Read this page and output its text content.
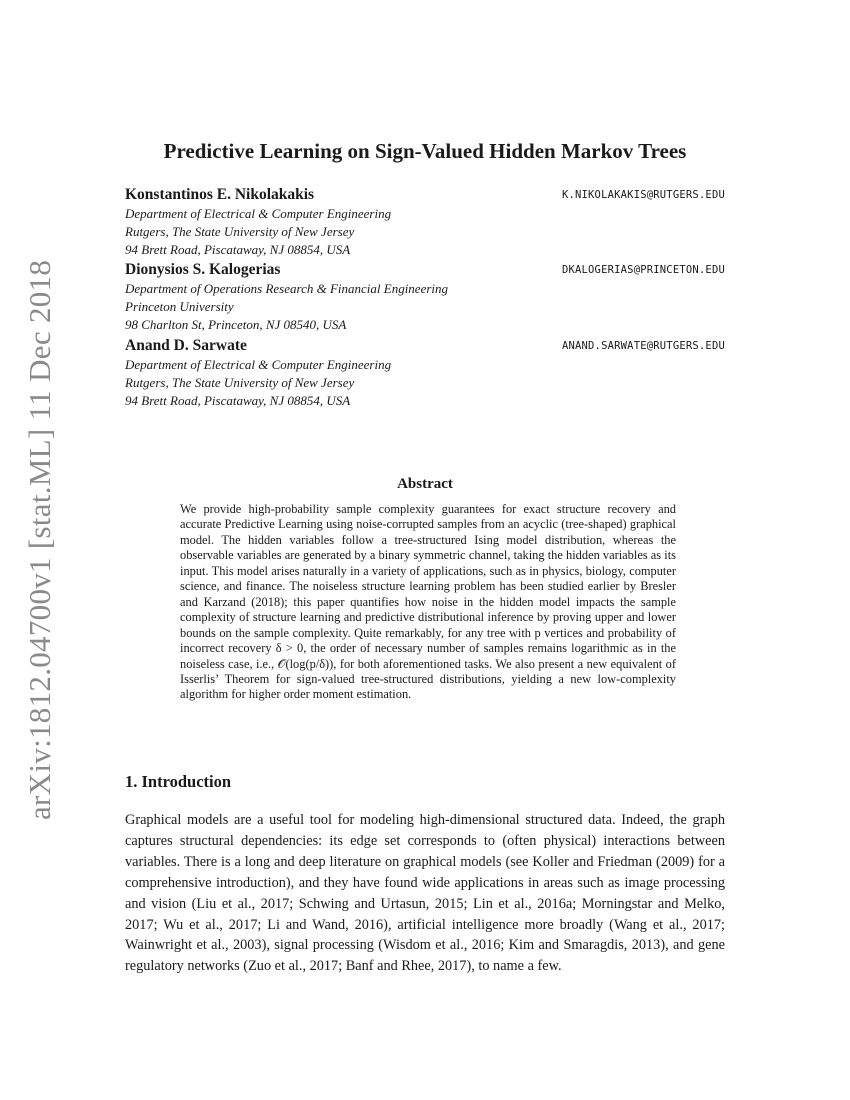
arXiv:1812.04700v1 [stat.ML] 11 Dec 2018
Predictive Learning on Sign-Valued Hidden Markov Trees
Konstantinos E. Nikolakakis	K.NIKOLAKAKIS@RUTGERS.EDU
Department of Electrical & Computer Engineering
Rutgers, The State University of New Jersey
94 Brett Road, Piscataway, NJ 08854, USA
Dionysios S. Kalogerias	DKALOGERIAS@PRINCETON.EDU
Department of Operations Research & Financial Engineering
Princeton University
98 Charlton St, Princeton, NJ 08540, USA
Anand D. Sarwate	ANAND.SARWATE@RUTGERS.EDU
Department of Electrical & Computer Engineering
Rutgers, The State University of New Jersey
94 Brett Road, Piscataway, NJ 08854, USA
Abstract
We provide high-probability sample complexity guarantees for exact structure recovery and accurate Predictive Learning using noise-corrupted samples from an acyclic (tree-shaped) graphical model. The hidden variables follow a tree-structured Ising model distribution, whereas the observable variables are generated by a binary symmetric channel, taking the hidden variables as its input. This model arises naturally in a variety of applications, such as in physics, biology, computer science, and finance. The noiseless structure learning problem has been studied earlier by Bresler and Karzand (2018); this paper quantifies how noise in the hidden model impacts the sample complexity of structure learning and predictive distributional inference by proving upper and lower bounds on the sample complexity. Quite remarkably, for any tree with p vertices and probability of incorrect recovery δ > 0, the order of necessary number of samples remains logarithmic as in the noiseless case, i.e., 𝒪(log(p/δ)), for both aforementioned tasks. We also present a new equivalent of Isserlis’ Theorem for sign-valued tree-structured distributions, yielding a new low-complexity algorithm for higher order moment estimation.
1. Introduction
Graphical models are a useful tool for modeling high-dimensional structured data. Indeed, the graph captures structural dependencies: its edge set corresponds to (often physical) interactions between variables. There is a long and deep literature on graphical models (see Koller and Friedman (2009) for a comprehensive introduction), and they have found wide applications in areas such as image processing and vision (Liu et al., 2017; Schwing and Urtasun, 2015; Lin et al., 2016a; Morningstar and Melko, 2017; Wu et al., 2017; Li and Wand, 2016), artificial intelligence more broadly (Wang et al., 2017; Wainwright et al., 2003), signal processing (Wisdom et al., 2016; Kim and Smaragdis, 2013), and gene regulatory networks (Zuo et al., 2017; Banf and Rhee, 2017), to name a few.
